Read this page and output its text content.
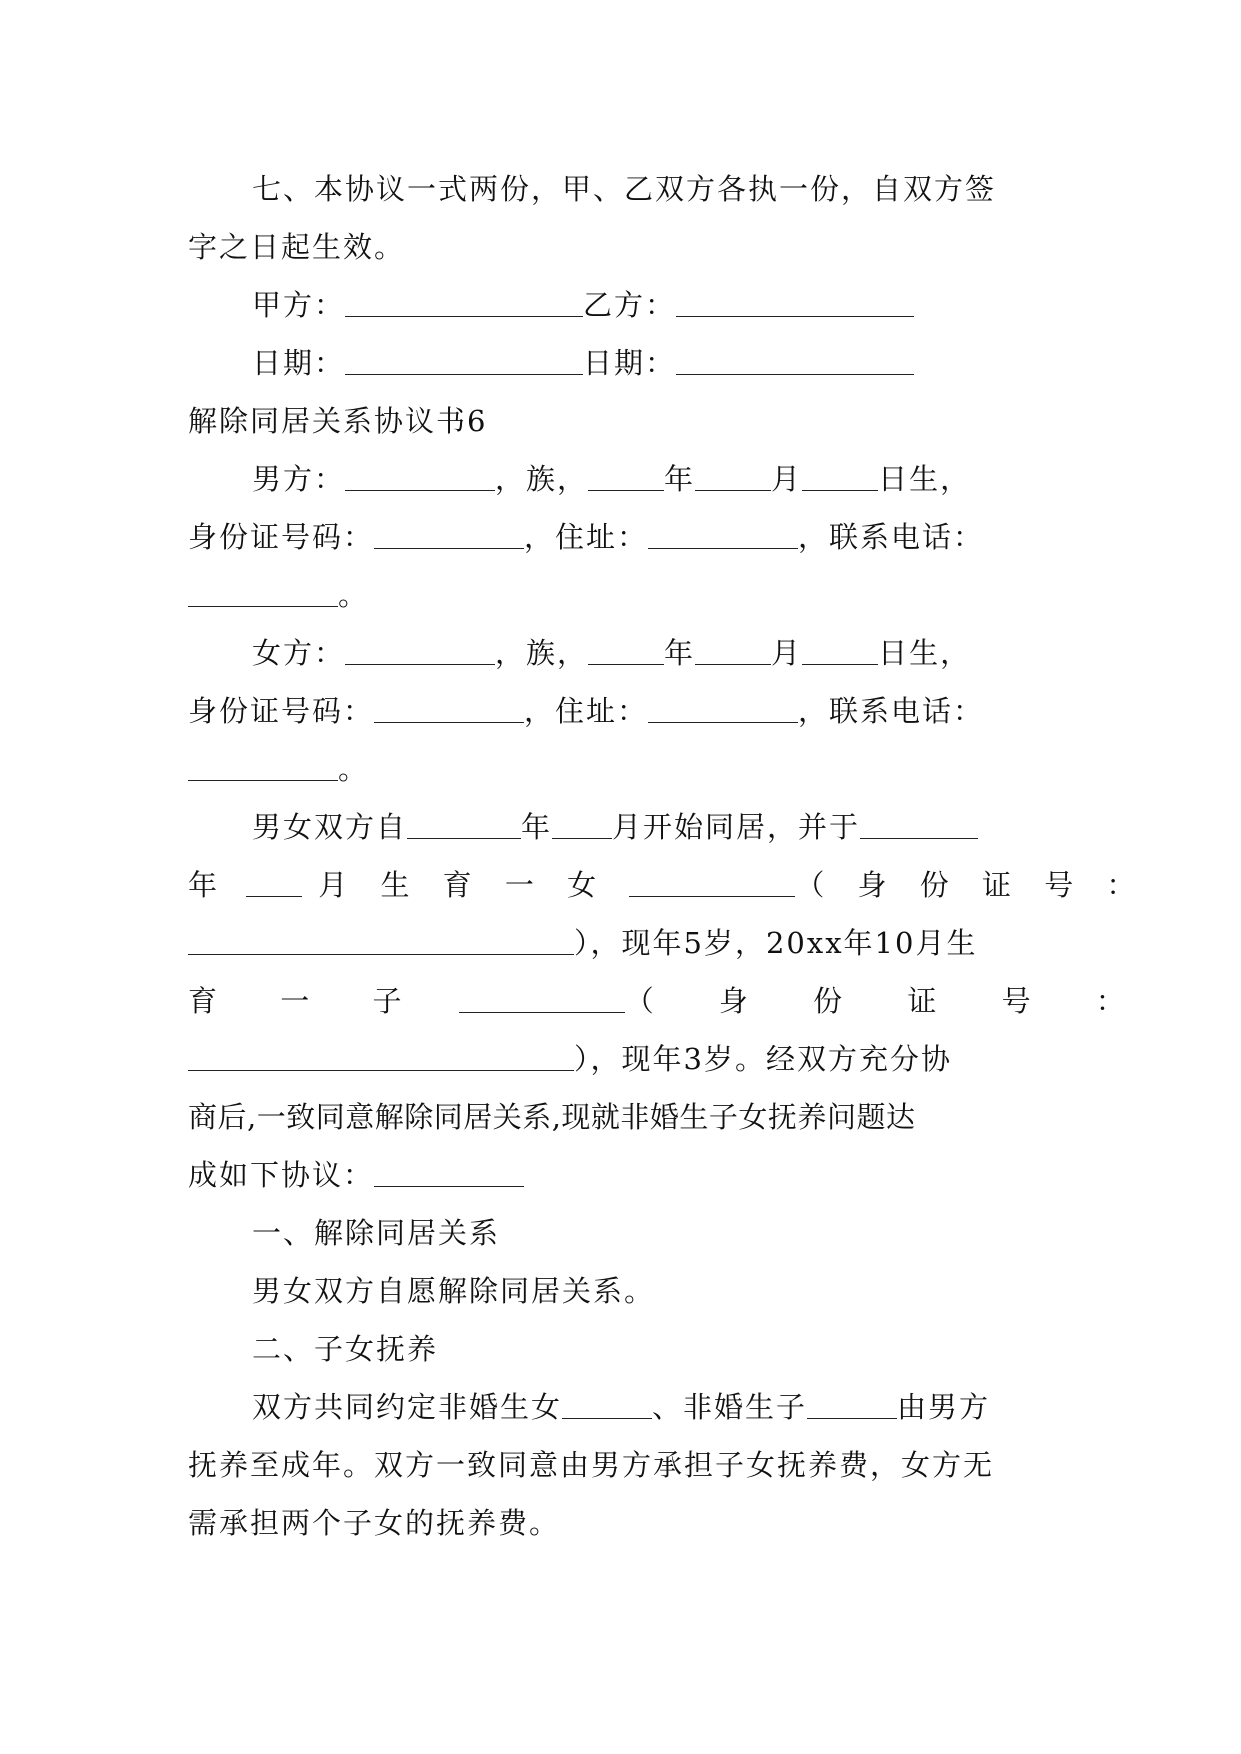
七、本协议一式两份，甲、乙双方各执一份，自双方签

字之日起生效。

甲方：	乙方：

日期：	日期：

解除同居关系协议书6

男方：	，族，	年	月	日生，

身份证号码：	，住址：	，联系电话：

。

女方：	，族，	年	月	日生，

身份证号码：	，住址：	，联系电话：

。

男女双方自	年 月开始同居，并于

年	月 生 育 一 女	（ 身 份 证 号 ：

），现年5岁，20xx年10月生

育 一 子	（ 身 份 证 号 ：

），现年3岁。经双方充分协

商后,一致同意解除同居关系,现就非婚生子女抚养问题达

成如下协议：

一、解除同居关系

男女双方自愿解除同居关系。

二、子女抚养

双方共同约定非婚生女	、非婚生子	由男方

抚养至成年。双方一致同意由男方承担子女抚养费，女方无

需承担两个子女的抚养费。
